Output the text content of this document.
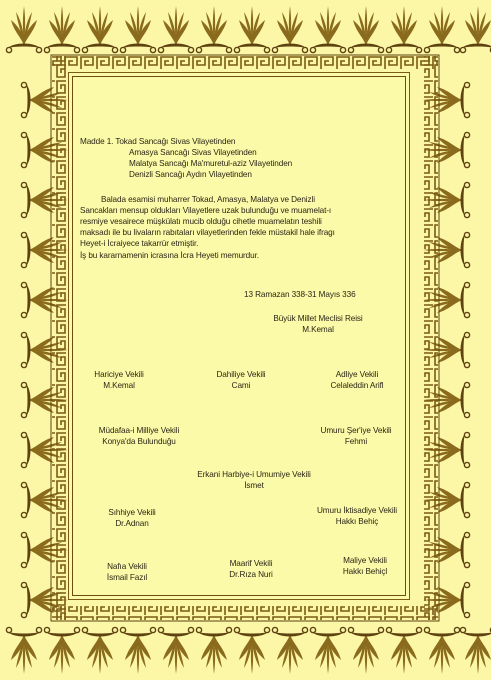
Madde 1. Tokad Sancağı Sivas Vilayetinden
Amasya Sancağı Sivas Vilayetinden
Malatya Sancağı Ma'muretul-aziz Vilayetinden
Denizli Sancağı Aydın Vilayetinden
Balada esamisi muharrer Tokad, Amasya, Malatya ve Denizli
Sancakları mensup oldukları Vilayetlere uzak bulunduğu ve muamelat-ı
resmiye vesairece müşkülatı mucib olduğu cihetle muamelatın teshili
maksadı ile bu livaların rabıtaları vilayetlerinden fekle müstakil hale ifragı
Heyet-i İcraiyece takarrür etmiştir.
İş bu kararnamenin icrasına İcra Heyeti memurdur.
13 Ramazan 338-31 Mayıs 336
Büyük Millet Meclisi Reisi
M.Kemal
Hariciye Vekili
M.Kemal
Dahiliye Vekili
Cami
Adliye Vekili
Celaleddin Arifl
Müdafaa-i Milliye Vekili
Konya'da Bulunduğu
Umuru Şer'iye Vekili
Fehmi
Erkani Harbiye-i Umumiye Vekili
İsmet
Sıhhiye Vekili
Dr.Adnan
Umuru İktisadiye Vekili
Hakkı Behiç
Nafıa Vekili
İsmail Fazıl
Maarif Vekili
Dr.Rıza Nuri
Maliye Vekili
Hakkı Behiçl
